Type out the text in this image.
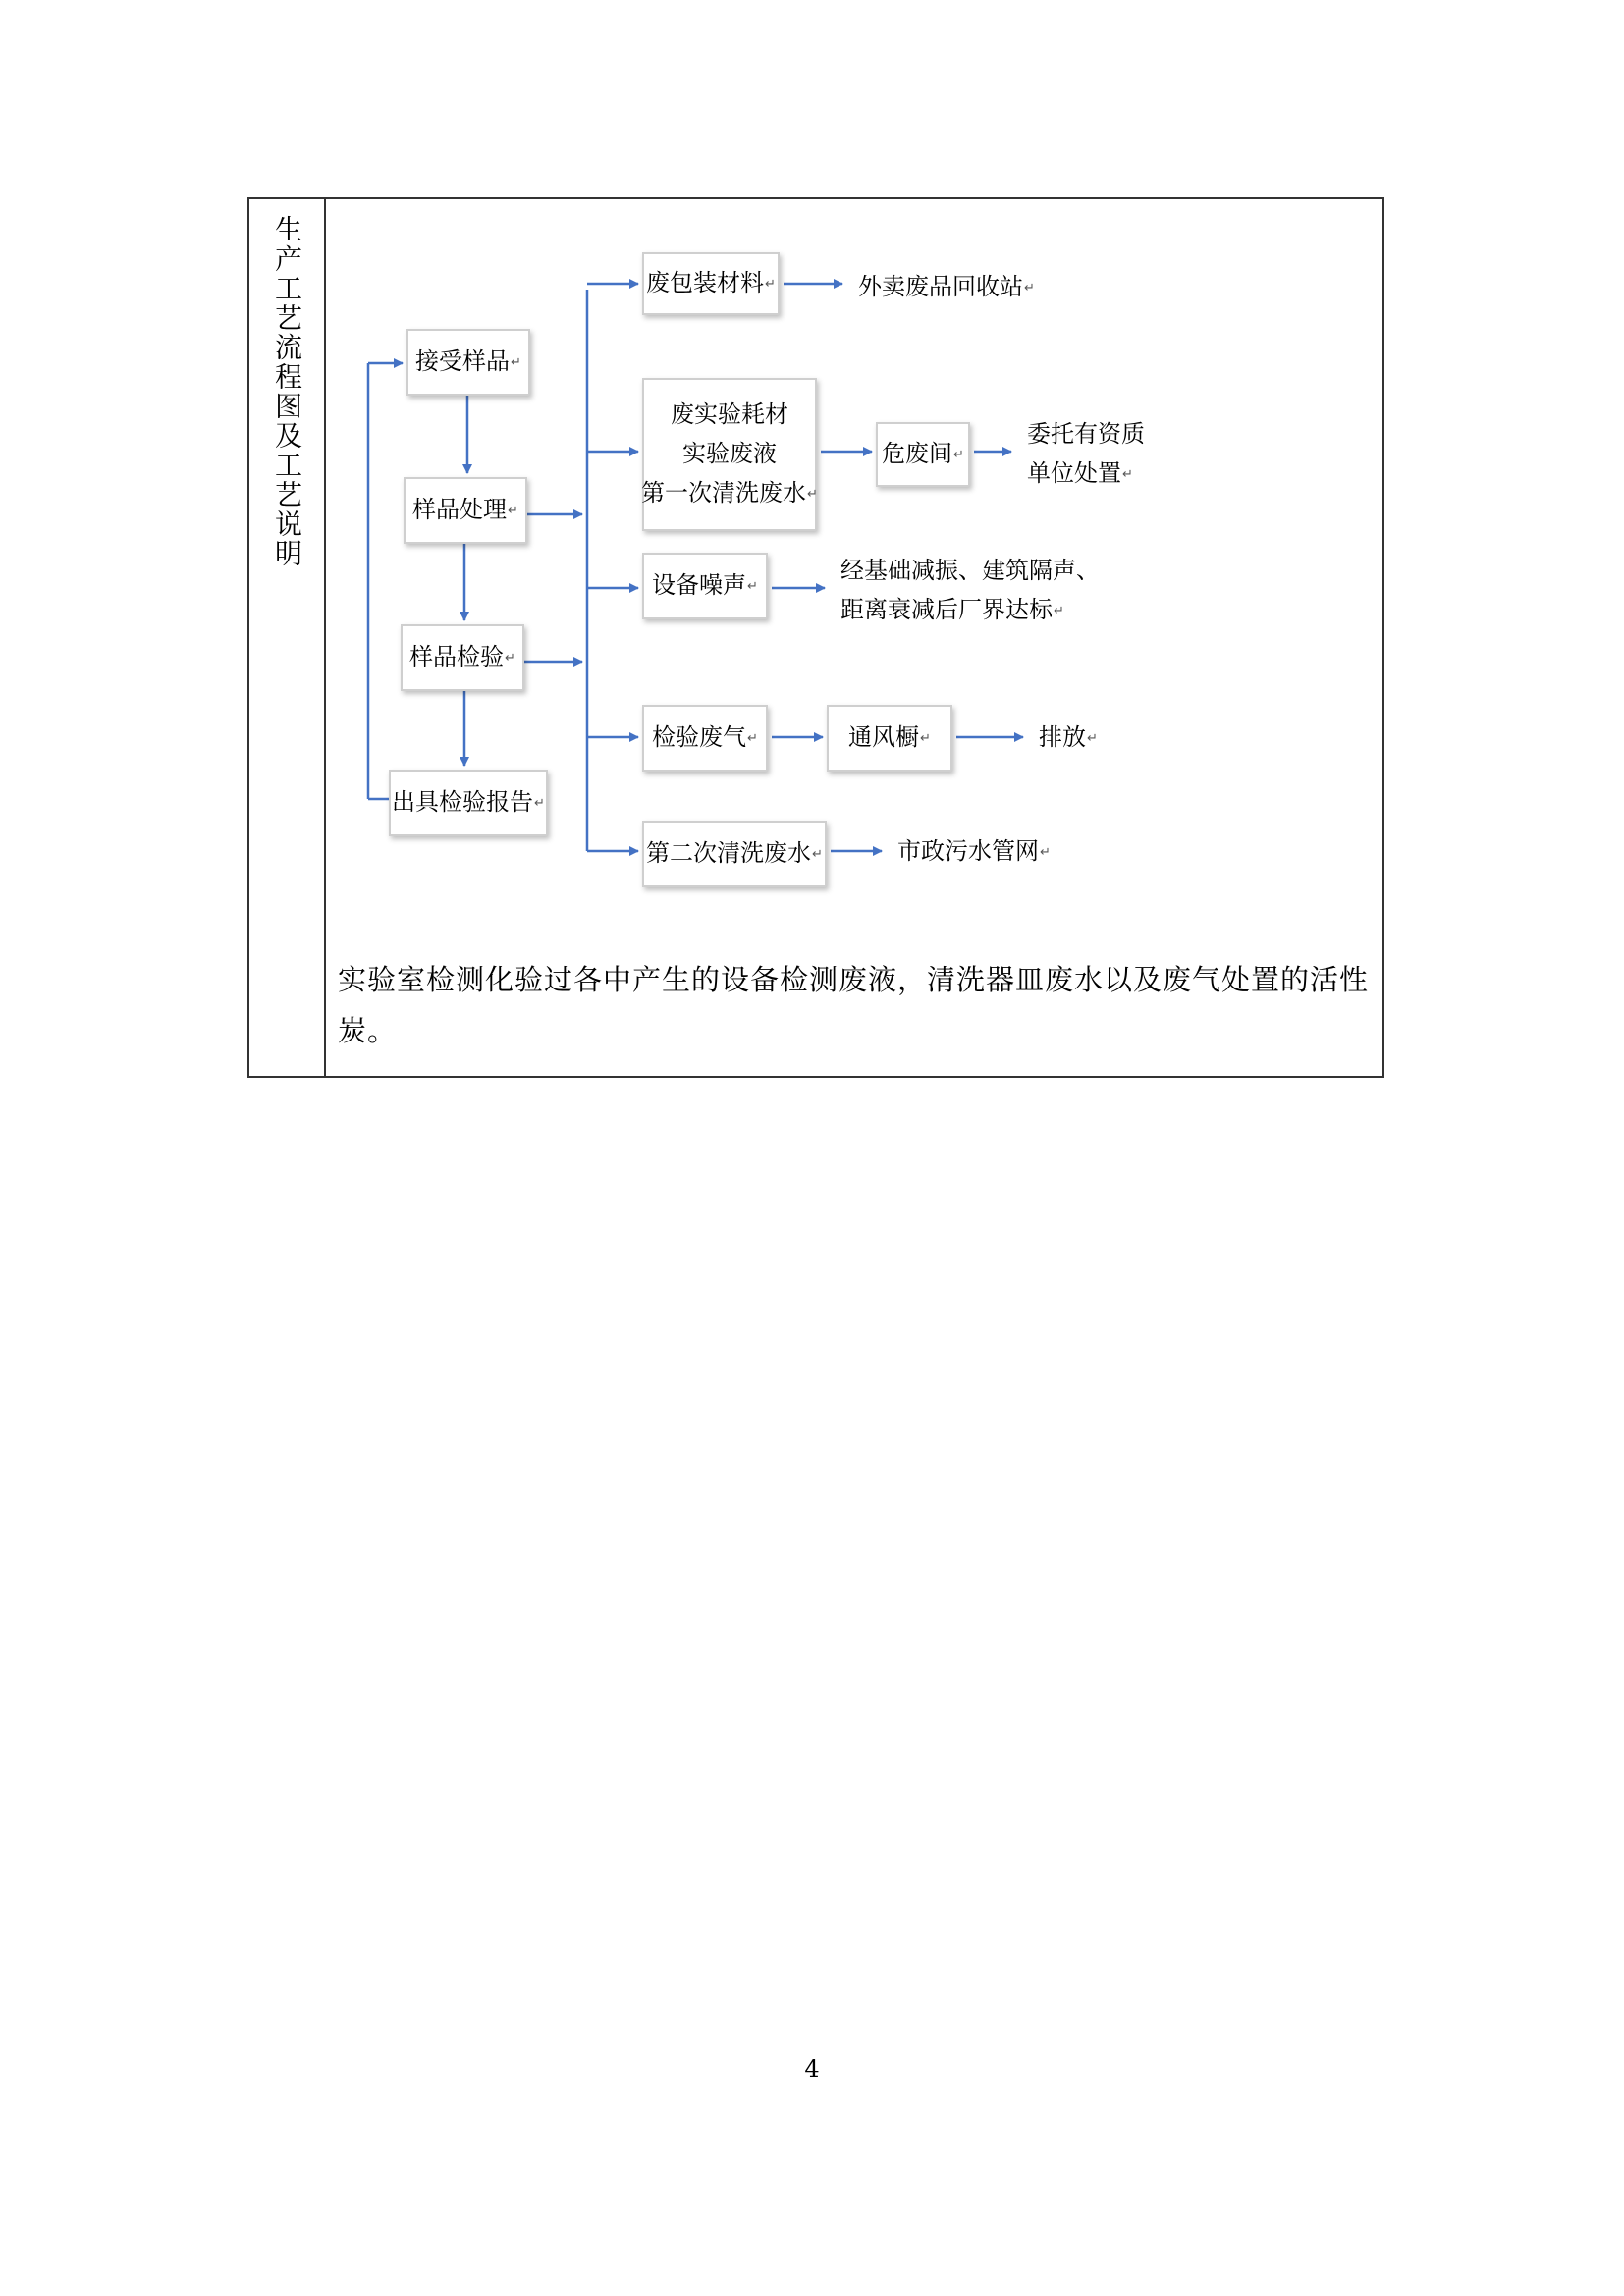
生产工艺流程图及工艺说明	接受样品↵
样品处理↵
样品检验↵
出具检验报告↵
废包装材料↵	外卖废品回收站↵
废实验耗材
实验废液
第一次清洗废水↵
危废间↵
委托有资质
单位处置↵
设备噪声↵
经基础减振、建筑隔声、
距离衰减后厂界达标↵
检验废气↵	通风橱↵	排放↵
第二次清洗废水↵	市政污水管网↵
实验室检测化验过各中产生的设备检测废液，清洗器皿废水以及废气处置的活性炭。
4
